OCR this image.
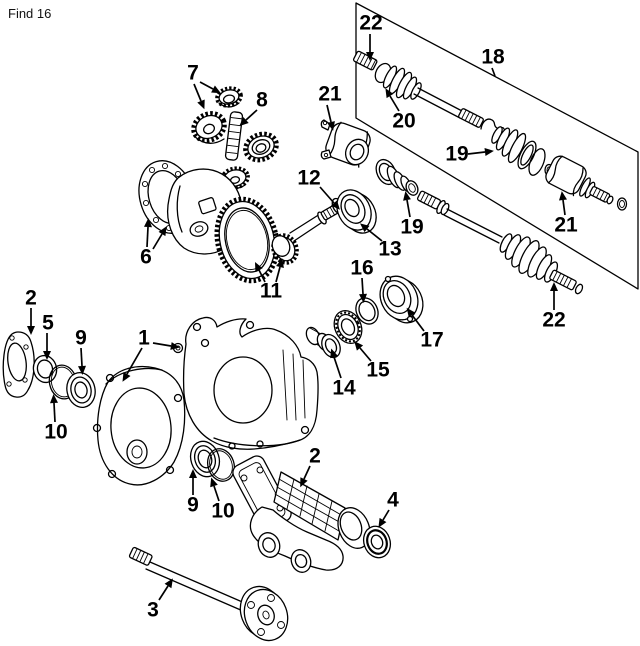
Find 16
7
8 21
22
20
18
19
21
22
12
13
19
16
15
14
17
6
11
1
2
5
9
10
9 10
2
4
3
